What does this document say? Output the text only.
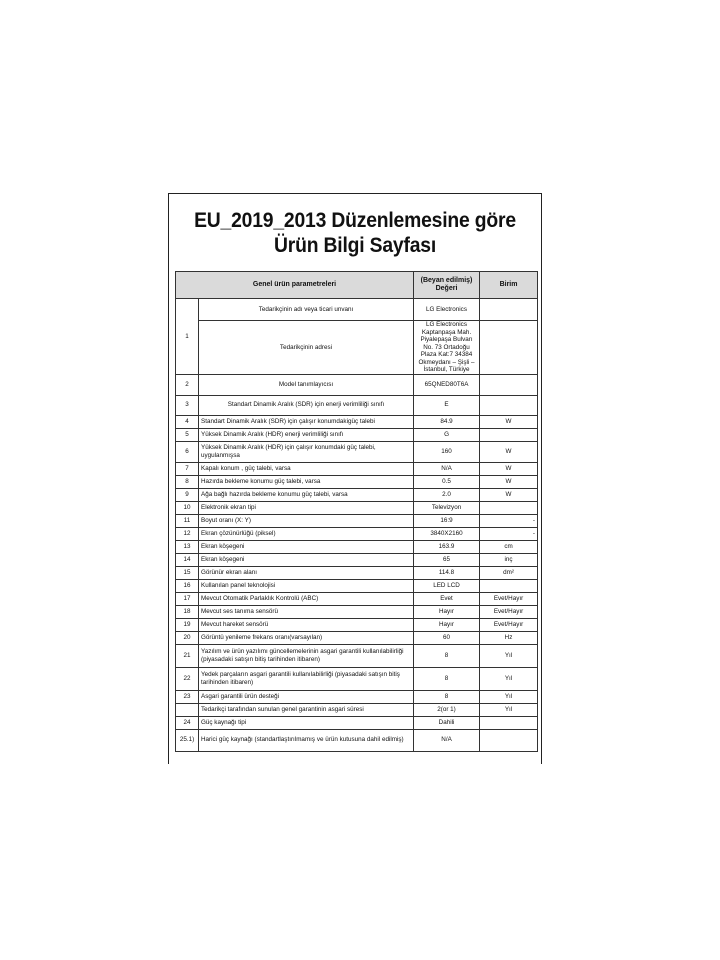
EU_2019_2013 Düzenlemesine göre Ürün Bilgi Sayfası
Genel ürün parametreleri		(Beyan edilmiş) Değeri	Birim
1	Tedarikçinin adı veya ticari unvanı	LG Electronics	
	Tedarikçinin adresi	LG Electronics Kaptanpaşa Mah. Piyalepaşa Bulvarı No. 73 Ortadoğu Plaza Kat:7 34384 Okmeydanı – Şişli – İstanbul, Türkiye	
2	Model tanımlayıcısı	65QNED80T6A	
3	Standart Dinamik Aralık (SDR) için enerji verimliliği sınıfı	E	
4	Standart Dinamik Aralık (SDR) için çalışır konumdakigüç talebi	84.9	W
5	Yüksek Dinamik Aralık (HDR) enerji verimliliği sınıfı	G	
6	Yüksek Dinamik Aralık (HDR) için çalışır konumdaki güç talebi, uygulanmışsa	160	W
7	Kapalı konum , güç talebi, varsa	N/A	W
8	Hazırda bekleme konumu güç talebi, varsa	0.5	W
9	Ağa bağlı hazırda bekleme konumu güç talebi, varsa	2.0	W
10	Elektronik ekran tipi	Televizyon	
11	Boyut oranı (X: Y)	16:9	-
12	Ekran çözünürlüğü (piksel)	3840X2160	-
13	Ekran köşegeni	163.9	cm
14	Ekran köşegeni	65	inç
15	Görünür ekran alanı	114.8	dm²
16	Kullanılan panel teknolojisi	LED LCD	
17	Mevcut Otomatik Parlaklık Kontrolü (ABC)	Evet	Evet/Hayır
18	Mevcut ses tanıma sensörü	Hayır	Evet/Hayır
19	Mevcut hareket sensörü	Hayır	Evet/Hayır
20	Görüntü yenileme frekans oranı(varsayılan)	60	Hz
21	Yazılım ve ürün yazılımı güncellemelerinin asgari garantili kullanılabilirliği (piyasadaki satışın bitiş tarihinden itibaren)	8	Yıl
22	Yedek parçaların asgari garantili kullanılabilirliği (piyasadaki satışın bitiş tarihinden itibaren)	8	Yıl
23	Asgari garantili ürün desteği	8	Yıl
	Tedarikçi tarafından sunulan genel garantinin asgari süresi	2(or 1)	Yıl
24	Güç kaynağı tipi	Dahili	
25.1)	Harici güç kaynağı (standartlaştırılmamış ve ürün kutusuna dahil edilmiş)	N/A	
